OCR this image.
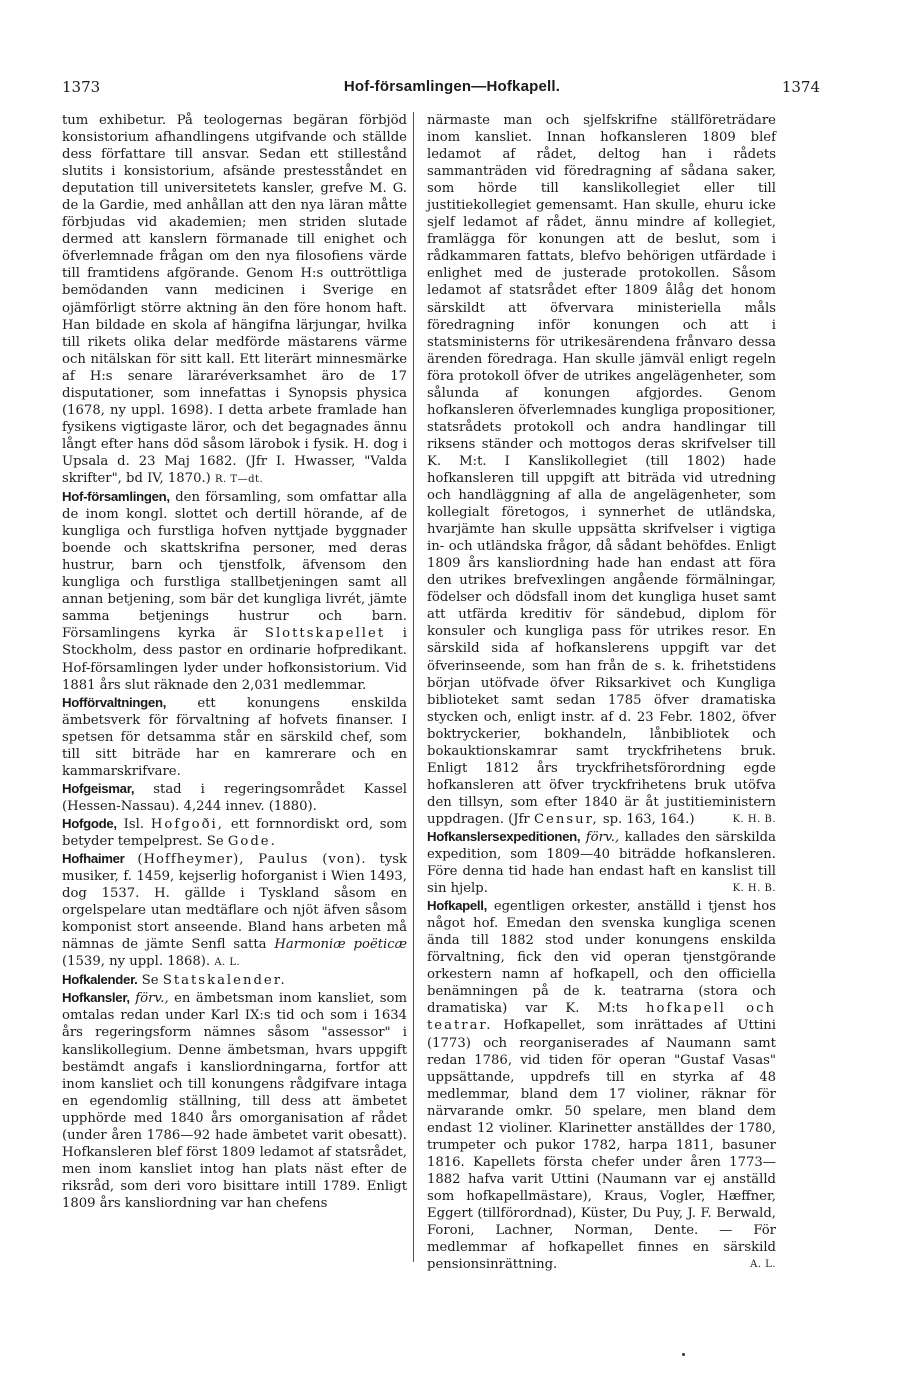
1373	Hof-församlingen—Hofkapell.	1374

tum exhibetur. På teologernas begäran förbjöd konsistorium afhandlingens utgifvande och ställde dess författare till ansvar. Sedan ett stillestånd slutits i konsistorium, afsände prestesståndet en deputation till universitetets kansler, grefve M. G. de la Gardie, med anhållan att den nya läran måtte förbjudas vid akademien; men striden slutade dermed att kanslern förmanade till enighet och öfverlemnade frågan om den nya filosofiens värde till framtidens afgörande. Genom H:s outtröttliga bemödanden vann medicinen i Sverige en ojämförligt större aktning än den före honom haft. Han bildade en skola af hängifna lärjungar, hvilka till rikets olika delar medförde mästarens värme och nitälskan för sitt kall. Ett literärt minnesmärke af H:s senare läraréverksamhet äro de 17 disputationer, som innefattas i Synopsis physica (1678, ny uppl. 1698). I detta arbete framlade han fysikens vigtigaste läror, och det begagnades ännu långt efter hans död såsom lärobok i fysik. H. dog i Upsala d. 23 Maj 1682. (Jfr I. Hwasser, "Valda skrifter", bd IV, 1870.) R. T—dt.

Hof-församlingen, den församling, som omfattar alla de inom kongl. slottet och dertill hörande, af de kungliga och furstliga hofven nyttjade byggnader boende och skattskrifna personer, med deras hustrur, barn och tjenstfolk, äfvensom den kungliga och furstliga stallbetjeningen samt all annan betjening, som bär det kungliga livrét, jämte samma betjenings hustrur och barn. Församlingens kyrka är Slottskapellet i Stockholm, dess pastor en ordinarie hofpredikant. Hof-församlingen lyder under hofkonsistorium. Vid 1881 års slut räknade den 2,031 medlemmar.

Hofförvaltningen, ett konungens enskilda ämbetsverk för förvaltning af hofvets finanser. I spetsen för detsamma står en särskild chef, som till sitt biträde har en kamrerare och en kammarskrifvare.

Hofgeismar, stad i regeringsområdet Kassel (Hessen-Nassau). 4,244 innev. (1880).

Hofgode, Isl. Hofgoði, ett fornnordiskt ord, som betyder tempelprest. Se Gode.

Hofhaimer (Hoffheymer), Paulus (von). tysk musiker, f. 1459, kejserlig hoforganist i Wien 1493, dog 1537. H. gällde i Tyskland såsom en orgelspelare utan medtäflare och njöt äfven såsom komponist stort anseende. Bland hans arbeten må nämnas de jämte Senfl satta Harmoniæ poëticæ (1539, ny uppl. 1868). A. L.

Hofkalender. Se Statskalender.

Hofkansler, förv., en ämbetsman inom kansliet, som omtalas redan under Karl IX:s tid och som i 1634 års regeringsform nämnes såsom "assessor" i kanslikollegium. Denne ämbetsman, hvars uppgift bestämdt angafs i kansliordningarna, fortfor att inom kansliet och till konungens rådgifvare intaga en egendomlig ställning, till dess att ämbetet upphörde med 1840 års omorganisation af rådet (under åren 1786—92 hade ämbetet varit obesatt). Hofkansleren blef först 1809 ledamot af statsrådet, men inom kansliet intog han plats näst efter de riksråd, som deri voro bisittare intill 1789. Enligt 1809 års kansliordning var han chefens

närmaste man och sjelfskrifne ställföreträdare inom kansliet. Innan hofkansleren 1809 blef ledamot af rådet, deltog han i rådets sammanträden vid föredragning af sådana saker, som hörde till kanslikollegiet eller till justitiekollegiet gemensamt. Han skulle, ehuru icke sjelf ledamot af rådet, ännu mindre af kollegiet, framlägga för konungen att de beslut, som i rådkammaren fattats, blefvo behörigen utfärdade i enlighet med de justerade protokollen. Såsom ledamot af statsrådet efter 1809 ålåg det honom särskildt att öfvervara ministeriella måls föredragning inför konungen och att i statsministerns för utrikesärendena frånvaro dessa ärenden föredraga. Han skulle jämväl enligt regeln föra protokoll öfver de utrikes angelägenheter, som sålunda af konungen afgjordes. Genom hofkansleren öfverlemnades kungliga propositioner, statsrådets protokoll och andra handlingar till riksens ständer och mottogos deras skrifvelser till K. M:t. I Kanslikollegiet (till 1802) hade hofkansleren till uppgift att biträda vid utredning och handläggning af alla de angelägenheter, som kollegialt företogos, i synnerhet de utländska, hvarjämte han skulle uppsätta skrifvelser i vigtiga in- och utländska frågor, då sådant behöfdes. Enligt 1809 års kansliordning hade han endast att föra den utrikes brefvexlingen angående förmälningar, födelser och dödsfall inom det kungliga huset samt att utfärda kreditiv för sändebud, diplom för konsuler och kungliga pass för utrikes resor. En särskild sida af hofkanslerens uppgift var det öfverinseende, som han från de s. k. frihetstidens början utöfvade öfver Riksarkivet och Kungliga biblioteket samt sedan 1785 öfver dramatiska stycken och, enligt instr. af d. 23 Febr. 1802, öfver boktryckerier, bokhandeln, lånbibliotek och bokauktionskamrar samt tryckfrihetens bruk. Enligt 1812 års tryckfrihetsförordning egde hofkansleren att öfver tryckfrihetens bruk utöfva den tillsyn, som efter 1840 är åt justitieministern uppdragen. (Jfr Censur, sp. 163, 164.)	K. H. B.

Hofkanslersexpeditionen, förv., kallades den särskilda expedition, som 1809—40 biträdde hofkansleren. Före denna tid hade han endast haft en kanslist till sin hjelp.	K. H. B.

Hofkapell, egentligen orkester, anställd i tjenst hos något hof. Emedan den svenska kungliga scenen ända till 1882 stod under konungens enskilda förvaltning, fick den vid operan tjenstgörande orkestern namn af hofkapell, och den officiella benämningen på de k. teatrarna (stora och dramatiska) var K. M:ts hofkapell och teatrar. Hofkapellet, som inrättades af Uttini (1773) och reorganiserades af Naumann samt redan 1786, vid tiden för operan "Gustaf Vasas" uppsättande, uppdrefs till en styrka af 48 medlemmar, bland dem 17 violiner, räknar för närvarande omkr. 50 spelare, men bland dem endast 12 violiner. Klarinetter anställdes der 1780, trumpeter och pukor 1782, harpa 1811, basuner 1816. Kapellets första chefer under åren 1773—1882 hafva varit Uttini (Naumann var ej anställd som hofkapellmästare), Kraus, Vogler, Hæffner, Eggert (tillförordnad), Küster, Du Puy, J. F. Berwald, Foroni, Lachner, Norman, Dente. — För medlemmar af hofkapellet finnes en särskild pensionsinrättning.	A. L.
